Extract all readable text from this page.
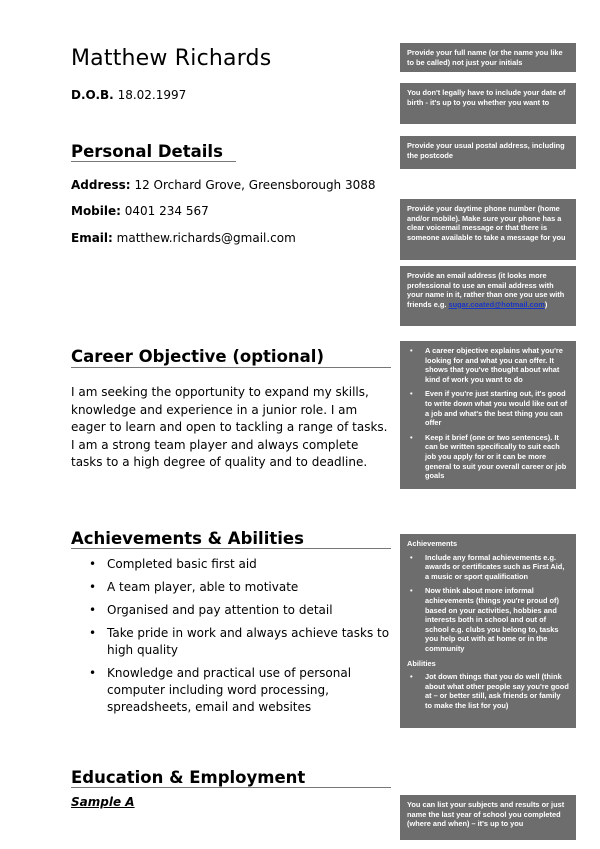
Matthew Richards
D.O.B. 18.02.1997
Personal Details
Address: 12 Orchard Grove, Greensborough 3088
Mobile: 0401 234 567
Email: matthew.richards@gmail.com
Career Objective (optional)

I am seeking the opportunity to expand my skills, knowledge and experience in a junior role. I am eager to learn and open to tackling a range of tasks. I am a strong team player and always complete tasks to a high degree of quality and to deadline.

Achievements & Abilities
• Completed basic first aid
• A team player, able to motivate
• Organised and pay attention to detail
• Take pride in work and always achieve tasks to high quality
• Knowledge and practical use of personal computer including word processing, spreadsheets, email and websites
Education & Employment
Sample A
Provide your full name (or the name you like to be called) not just your initials
You don't legally have to include your date of birth - it's up to you whether you want to
Provide your usual postal address, including the postcode
Provide your daytime phone number (home and/or mobile). Make sure your phone has a clear voicemail message or that there is someone available to take a message for you
Provide an email address (it looks more professional to use an email address with your name in it, rather than one you use with friends e.g. sugar.coated@hotmail.com)
• A career objective explains what you're looking for and what you can offer. It shows that you've thought about what kind of work you want to do
• Even if you're just starting out, it's good to write down what you would like out of a job and what's the best thing you can offer
• Keep it brief (one or two sentences). It can be written specifically to suit each job you apply for or it can be more general to suit your overall career or job goals
Achievements
• Include any formal achievements e.g. awards or certificates such as First Aid, a music or sport qualification
• Now think about more informal achievements (things you're proud of) based on your activities, hobbies and interests both in school and out of school e.g. clubs you belong to, tasks you help out with at home or in the community
Abilities
• Jot down things that you do well (think about what other people say you're good at – or better still, ask friends or family to make the list for you)
You can list your subjects and results or just name the last year of school you completed (where and when) – it's up to you
